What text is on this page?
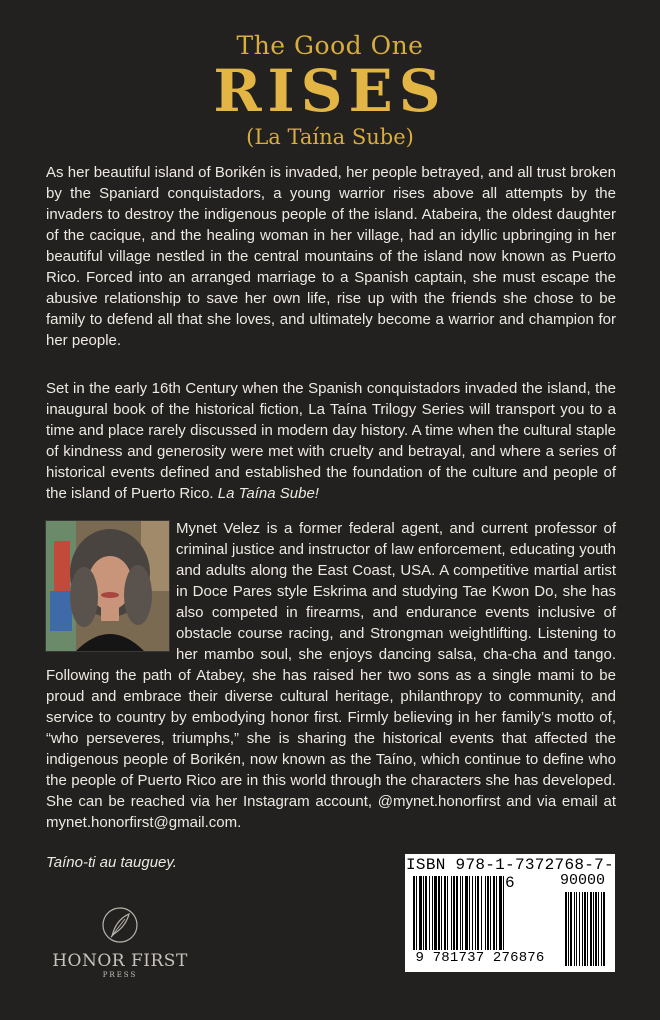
The Good One
RISES
(La Taína Sube)

As her beautiful island of Borikén is invaded, her people betrayed, and all trust broken by the Spaniard conquistadors, a young warrior rises above all attempts by the invaders to destroy the indigenous people of the island. Atabeira, the oldest daughter of the cacique, and the healing woman in her village, had an idyllic upbringing in her beautiful village nestled in the central mountains of the island now known as Puerto Rico. Forced into an arranged marriage to a Spanish captain, she must escape the abusive relationship to save her own life, rise up with the friends she chose to be family to defend all that she loves, and ultimately become a warrior and champion for her people.

Set in the early 16th Century when the Spanish conquistadors invaded the island, the inaugural book of the historical fiction, La Taína Trilogy Series will transport you to a time and place rarely discussed in modern day history. A time when the cultural staple of kindness and generosity were met with cruelty and betrayal, and where a series of historical events defined and established the foundation of the culture and people of the island of Puerto Rico. La Taína Sube!

Mynet Velez is a former federal agent, and current professor of criminal justice and instructor of law enforcement, educating youth and adults along the East Coast, USA. A competitive martial artist in Doce Pares style Eskrima and studying Tae Kwon Do, she has also competed in firearms, and endurance events inclusive of obstacle course racing, and Strongman weightlifting. Listening to her mambo soul, she enjoys dancing salsa, cha-cha and tango. Following the path of Atabey, she has raised her two sons as a single mami to be proud and embrace their diverse cultural heritage, philanthropy to community, and service to country by embodying honor first. Firmly believing in her family’s motto of, “who perseveres, triumphs,” she is sharing the historical events that affected the indigenous people of Borikén, now known as the Taíno, which continue to define who the people of Puerto Rico are in this world through the characters she has developed. She can be reached via her Instagram account, @mynet.honorfirst and via email at mynet.honorfirst@gmail.com.

Taíno-ti au tauguey.
HONOR FIRST
PRESS
ISBN 978-1-7372768-7-6	90000
9 781737 276876
